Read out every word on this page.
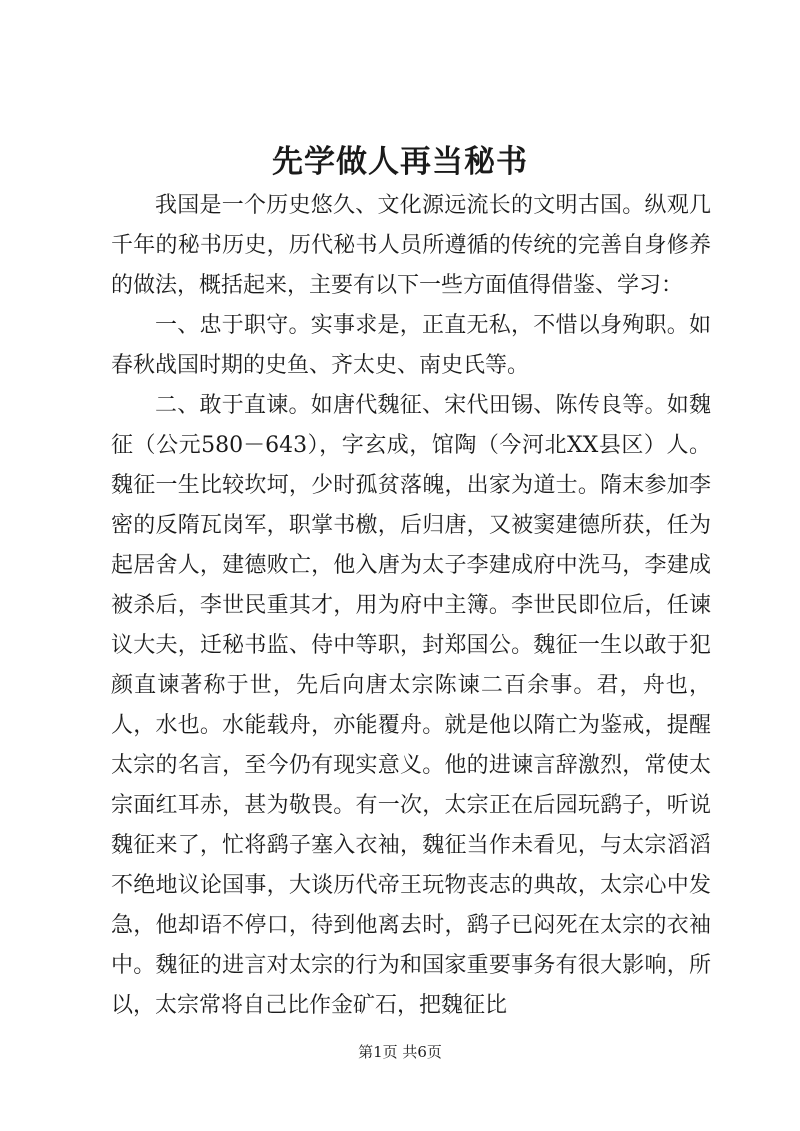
先学做人再当秘书

我国是一个历史悠久、文化源远流长的文明古国。纵观几千年的秘书历史，历代秘书人员所遵循的传统的完善自身修养的做法，概括起来，主要有以下一些方面值得借鉴、学习：

一、忠于职守。实事求是，正直无私，不惜以身殉职。如春秋战国时期的史鱼、齐太史、南史氏等。

二、敢于直谏。如唐代魏征、宋代田锡、陈传良等。如魏征（公元580－643），字玄成，馆陶（今河北XX县区）人。魏征一生比较坎坷，少时孤贫落魄，出家为道士。隋末参加李密的反隋瓦岗军，职掌书檄，后归唐，又被窦建德所获，任为起居舍人，建德败亡，他入唐为太子李建成府中洗马，李建成被杀后，李世民重其才，用为府中主簿。李世民即位后，任谏议大夫，迁秘书监、侍中等职，封郑国公。魏征一生以敢于犯颜直谏著称于世，先后向唐太宗陈谏二百余事。君，舟也，人，水也。水能载舟，亦能覆舟。就是他以隋亡为鉴戒，提醒太宗的名言，至今仍有现实意义。他的进谏言辞激烈，常使太宗面红耳赤，甚为敬畏。有一次，太宗正在后园玩鹞子，听说魏征来了，忙将鹞子塞入衣袖，魏征当作未看见，与太宗滔滔不绝地议论国事，大谈历代帝王玩物丧志的典故，太宗心中发急，他却语不停口，待到他离去时，鹞子已闷死在太宗的衣袖中。魏征的进言对太宗的行为和国家重要事务有很大影响，所以，太宗常将自己比作金矿石，把魏征比

第1页 共6页
